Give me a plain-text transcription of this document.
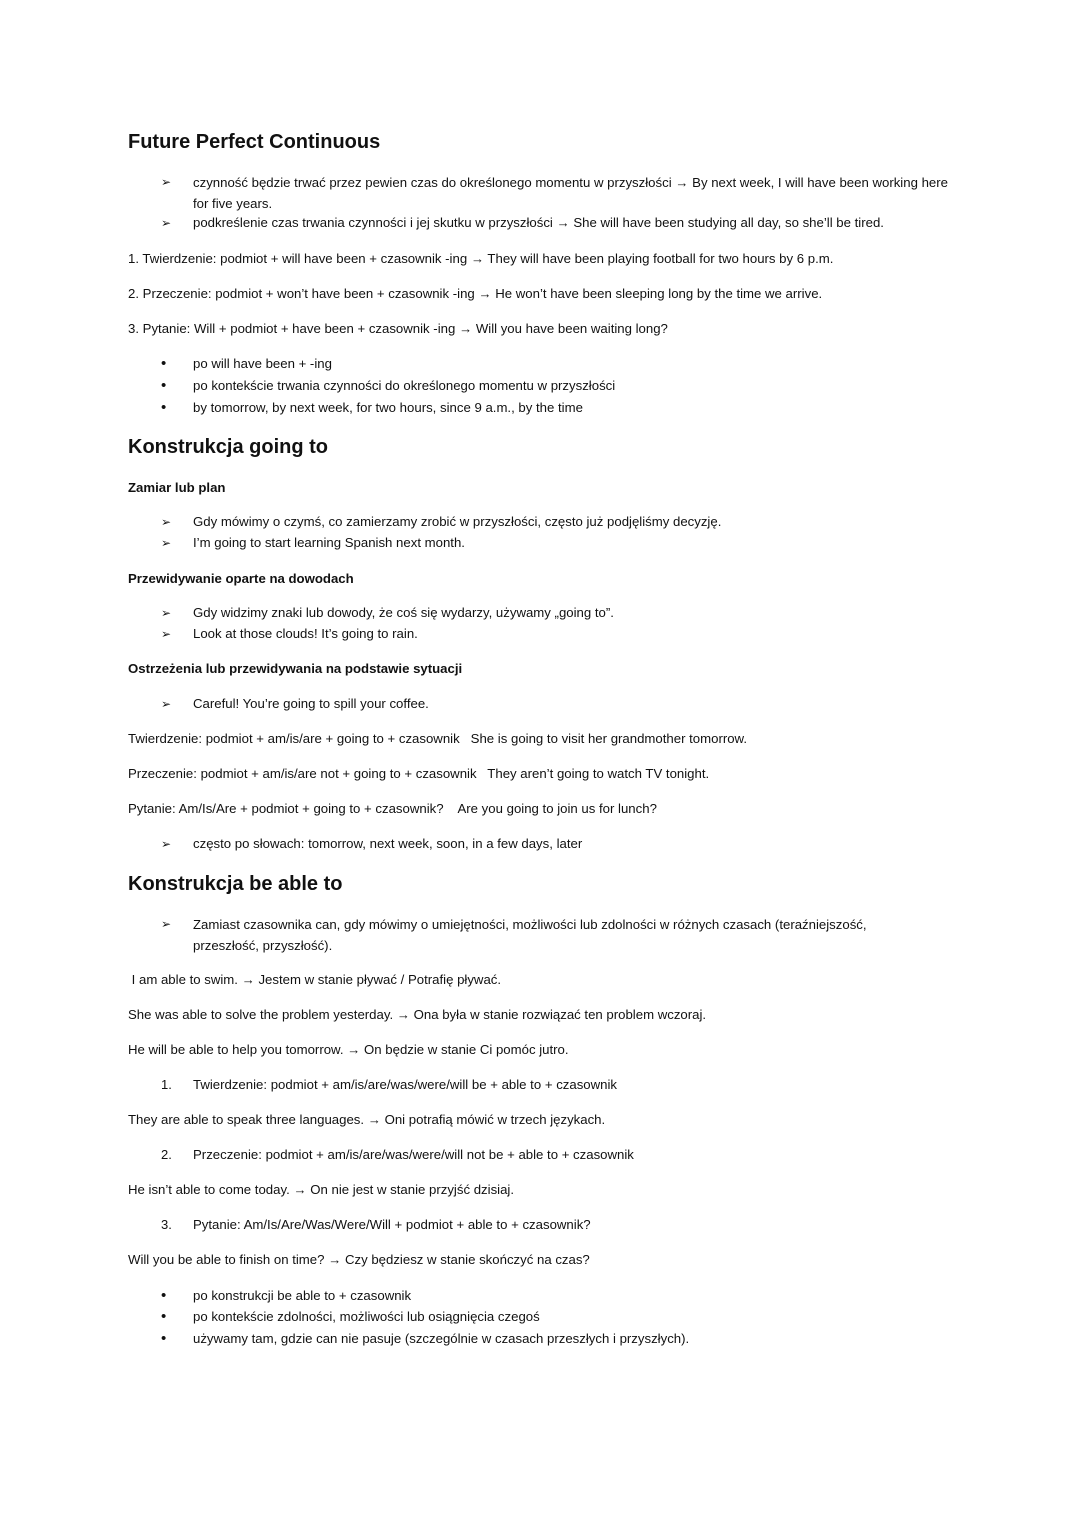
Future Perfect Continuous
➢
czynność będzie trwać przez pewien czas do określonego momentu w przyszłości → By next week, I will have been working here for five years.
➢
podkreślenie czas trwania czynności i jej skutku w przyszłości → She will have been studying all day, so she’ll be tired.
1. Twierdzenie: podmiot + will have been + czasownik -ing → They will have been playing football for two hours by 6 p.m.
2. Przeczenie: podmiot + won’t have been + czasownik -ing → He won’t have been sleeping long by the time we arrive.
3. Pytanie: Will + podmiot + have been + czasownik -ing → Will you have been waiting long?
•
po will have been + -ing
•
po kontekście trwania czynności do określonego momentu w przyszłości
•
by tomorrow, by next week, for two hours, since 9 a.m., by the time
Konstrukcja going to
Zamiar lub plan
➢
Gdy mówimy o czymś, co zamierzamy zrobić w przyszłości, często już podjęliśmy decyzję.
➢
I’m going to start learning Spanish next month.
Przewidywanie oparte na dowodach
➢
Gdy widzimy znaki lub dowody, że coś się wydarzy, używamy „going to”.
➢
Look at those clouds! It’s going to rain.
Ostrzeżenia lub przewidywania na podstawie sytuacji
➢
Careful! You’re going to spill your coffee.
Twierdzenie: podmiot + am/is/are + going to + czasownik   She is going to visit her grandmother tomorrow.
Przeczenie: podmiot + am/is/are not + going to + czasownik   They aren’t going to watch TV tonight.
Pytanie: Am/Is/Are + podmiot + going to + czasownik?    Are you going to join us for lunch?
➢
często po słowach: tomorrow, next week, soon, in a few days, later
Konstrukcja be able to
➢
Zamiast czasownika can, gdy mówimy o umiejętności, możliwości lub zdolności w różnych czasach (teraźniejszość, przeszłość, przyszłość).
I am able to swim. → Jestem w stanie pływać / Potrafię pływać.
She was able to solve the problem yesterday. → Ona była w stanie rozwiązać ten problem wczoraj.
He will be able to help you tomorrow. → On będzie w stanie Ci pomóc jutro.
1. Twierdzenie: podmiot + am/is/are/was/were/will be + able to + czasownik
They are able to speak three languages. → Oni potrafią mówić w trzech językach.
2. Przeczenie: podmiot + am/is/are/was/were/will not be + able to + czasownik
He isn’t able to come today. → On nie jest w stanie przyjść dzisiaj.
3. Pytanie: Am/Is/Are/Was/Were/Will + podmiot + able to + czasownik?
Will you be able to finish on time? → Czy będziesz w stanie skończyć na czas?
•
po konstrukcji be able to + czasownik
•
po kontekście zdolności, możliwości lub osiągnięcia czegoś
•
używamy tam, gdzie can nie pasuje (szczególnie w czasach przeszłych i przyszłych).
